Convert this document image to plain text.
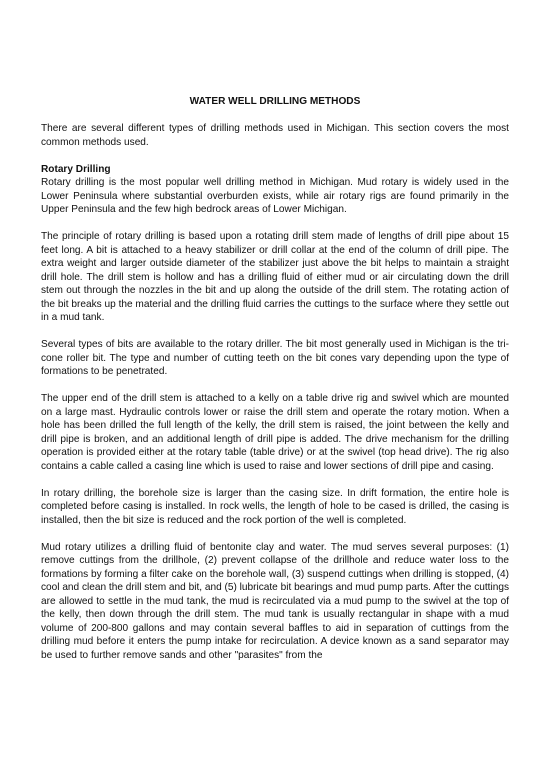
WATER WELL DRILLING METHODS

There are several different types of drilling methods used in Michigan. This section covers the most common methods used.

Rotary Drilling

Rotary drilling is the most popular well drilling method in Michigan. Mud rotary is widely used in the Lower Peninsula where substantial overburden exists, while air rotary rigs are found primarily in the Upper Peninsula and the few high bedrock areas of Lower Michigan.

The principle of rotary drilling is based upon a rotating drill stem made of lengths of drill pipe about 15 feet long. A bit is attached to a heavy stabilizer or drill collar at the end of the column of drill pipe. The extra weight and larger outside diameter of the stabilizer just above the bit helps to maintain a straight drill hole. The drill stem is hollow and has a drilling fluid of either mud or air circulating down the drill stem out through the nozzles in the bit and up along the outside of the drill stem. The rotating action of the bit breaks up the material and the drilling fluid carries the cuttings to the surface where they settle out in a mud tank.

Several types of bits are available to the rotary driller. The bit most generally used in Michigan is the tri-cone roller bit. The type and number of cutting teeth on the bit cones vary depending upon the type of formations to be penetrated.

The upper end of the drill stem is attached to a kelly on a table drive rig and swivel which are mounted on a large mast. Hydraulic controls lower or raise the drill stem and operate the rotary motion. When a hole has been drilled the full length of the kelly, the drill stem is raised, the joint between the kelly and drill pipe is broken, and an additional length of drill pipe is added. The drive mechanism for the drilling operation is provided either at the rotary table (table drive) or at the swivel (top head drive). The rig also contains a cable called a casing line which is used to raise and lower sections of drill pipe and casing.

In rotary drilling, the borehole size is larger than the casing size. In drift formation, the entire hole is completed before casing is installed. In rock wells, the length of hole to be cased is drilled, the casing is installed, then the bit size is reduced and the rock portion of the well is completed.

Mud rotary utilizes a drilling fluid of bentonite clay and water. The mud serves several purposes: (1) remove cuttings from the drillhole, (2) prevent collapse of the drillhole and reduce water loss to the formations by forming a filter cake on the borehole wall, (3) suspend cuttings when drilling is stopped, (4) cool and clean the drill stem and bit, and (5) lubricate bit bearings and mud pump parts. After the cuttings are allowed to settle in the mud tank, the mud is recirculated via a mud pump to the swivel at the top of the kelly, then down through the drill stem. The mud tank is usually rectangular in shape with a mud volume of 200-800 gallons and may contain several baffles to aid in separation of cuttings from the drilling mud before it enters the pump intake for recirculation. A device known as a sand separator may be used to further remove sands and other "parasites" from the
